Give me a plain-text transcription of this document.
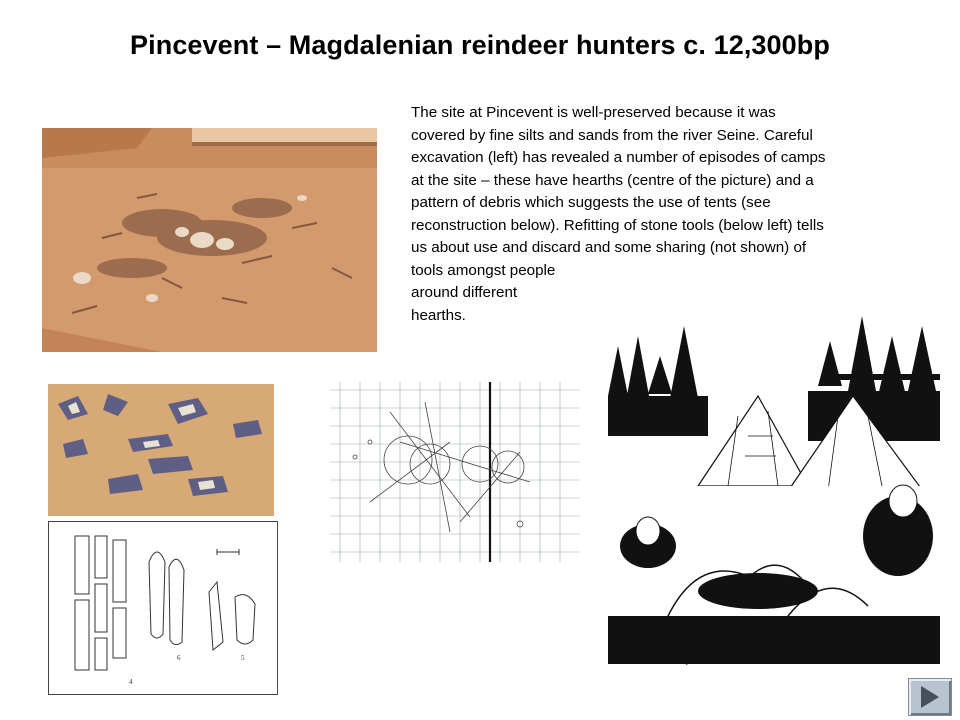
Pincevent – Magdalenian reindeer hunters c. 12,300bp
The site at Pincevent is well-preserved because it was
covered by fine silts and sands from the river Seine. Careful
excavation (left) has revealed a number of episodes of camps
at the site – these have hearths (centre of the picture) and a
pattern of debris which suggests the use of tents (see
reconstruction below). Refitting of stone tools (below left) tells
us about use and discard and some sharing (not shown) of
tools amongst people
around different
hearths.
4
6	5
Reindeer hunters at Pincevent – an artist's impression of the scene at this Upper
Paleolithic camp in southern France.
